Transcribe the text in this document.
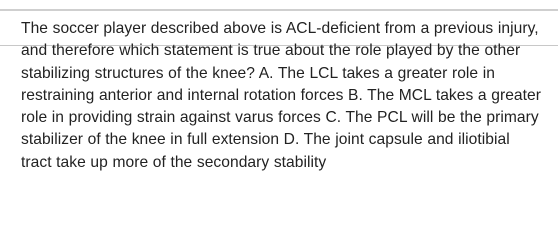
The soccer player described above is ACL-deficient from a previous injury, and therefore which statement is true about the role played by the other stabilizing structures of the knee? A. The LCL takes a greater role in restraining anterior and internal rotation forces B. The MCL takes a greater role in providing strain against varus forces C. The PCL will be the primary stabilizer of the knee in full extension D. The joint capsule and iliotibial tract take up more of the secondary stability
